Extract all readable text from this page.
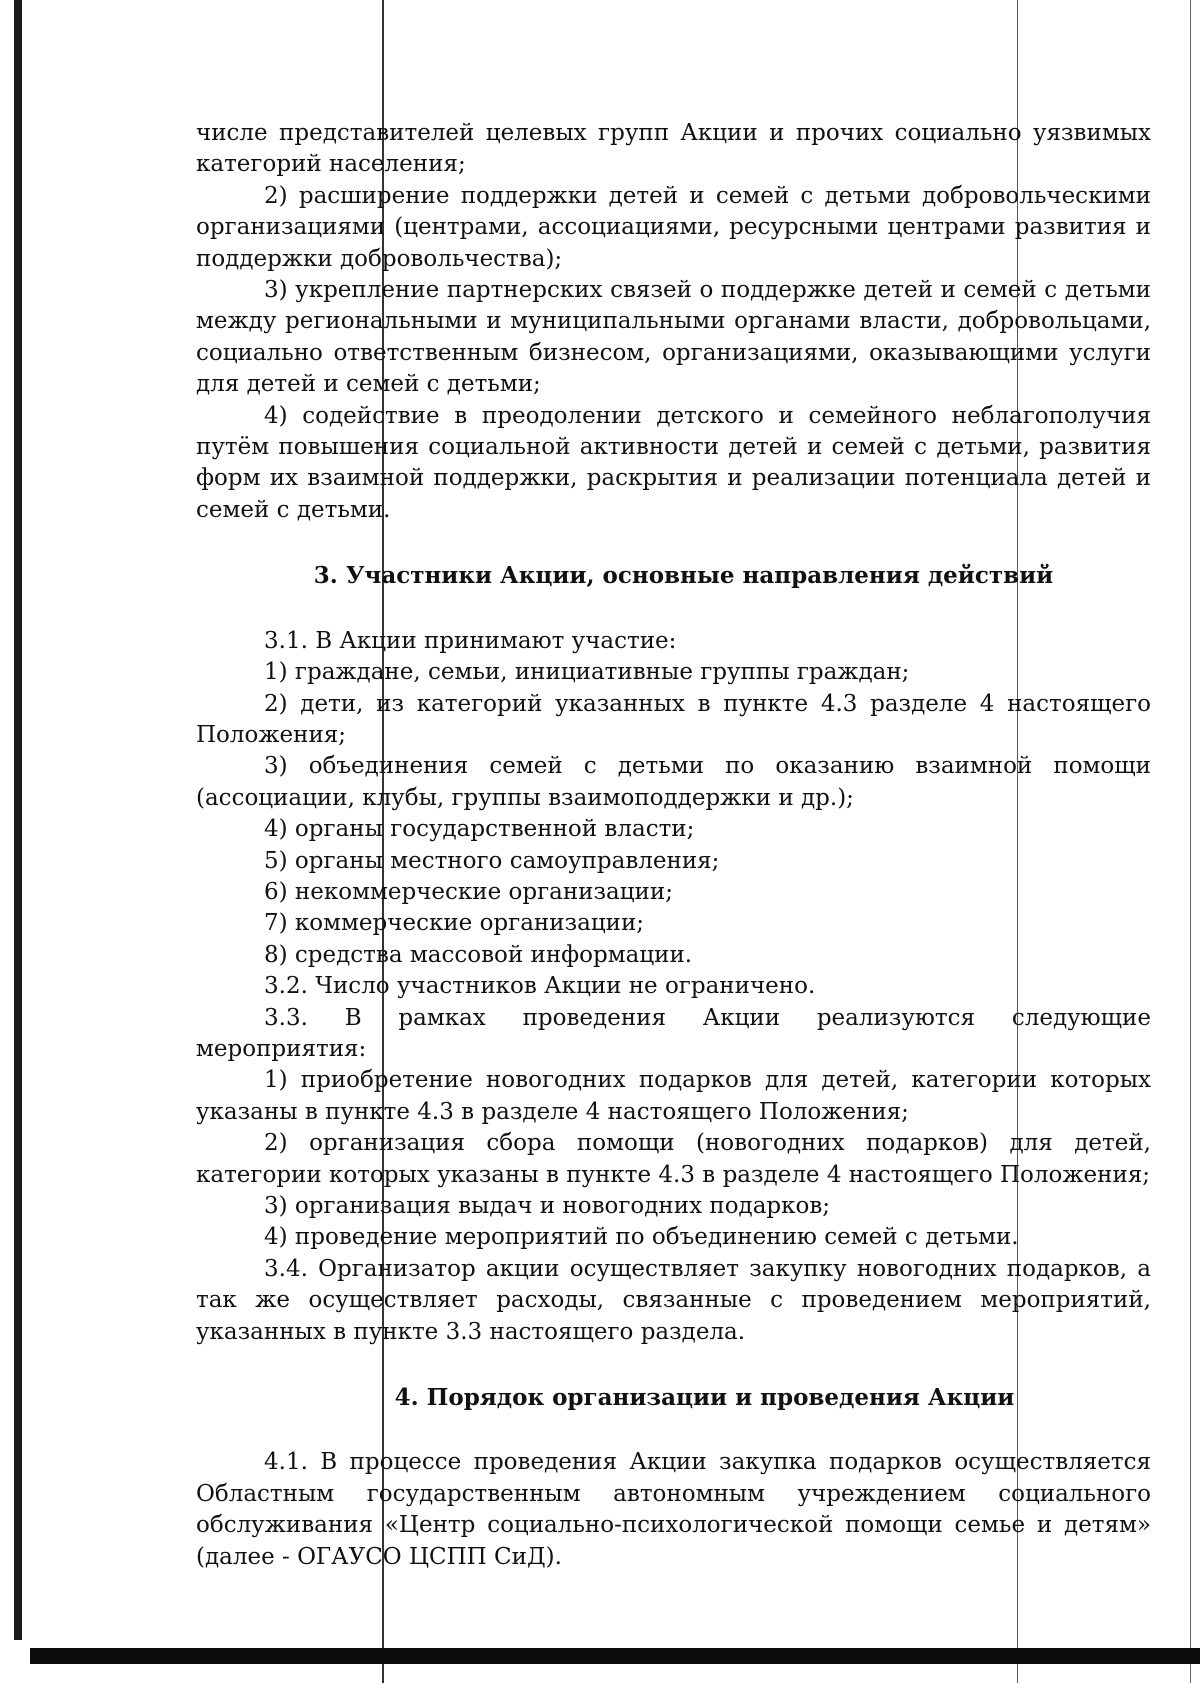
числе представителей целевых групп Акции и прочих социально уязвимых категорий населения;

2) расширение поддержки детей и семей с детьми добровольческими организациями (центрами, ассоциациями, ресурсными центрами развития и поддержки добровольчества);

3) укрепление партнерских связей о поддержке детей и семей с детьми между региональными и муниципальными органами власти, добровольцами, социально ответственным бизнесом, организациями, оказывающими услуги для детей и семей с детьми;

4) содействие в преодолении детского и семейного неблагополучия путём повышения социальной активности детей и семей с детьми, развития форм их взаимной поддержки, раскрытия и реализации потенциала детей и семей с детьми.

3. Участники Акции, основные направления действий

3.1. В Акции принимают участие:

1) граждане, семьи, инициативные группы граждан;

2) дети, из категорий указанных в пункте 4.3 разделе 4 настоящего Положения;

3) объединения семей с детьми по оказанию взаимной помощи (ассоциации, клубы, группы взаимоподдержки и др.);

4) органы государственной власти;

5) органы местного самоуправления;

6) некоммерческие организации;

7) коммерческие организации;

8) средства массовой информации.

3.2. Число участников Акции не ограничено.

3.3. В рамках проведения Акции реализуются следующие мероприятия:

1) приобретение новогодних подарков для детей, категории которых указаны в пункте 4.3 в разделе 4 настоящего Положения;

2) организация сбора помощи (новогодних подарков) для детей, категории которых указаны в пункте 4.3 в разделе 4 настоящего Положения;

3) организация выдач и новогодних подарков;

4) проведение мероприятий по объединению семей с детьми.

3.4. Организатор акции осуществляет закупку новогодних подарков, а так же осуществляет расходы, связанные с проведением мероприятий, указанных в пункте 3.3 настоящего раздела.

4. Порядок организации и проведения Акции

4.1. В процессе проведения Акции закупка подарков осуществляется Областным государственным автономным учреждением социального обслуживания «Центр социально-психологической помощи семье и детям» (далее - ОГАУСО ЦСПП СиД).
